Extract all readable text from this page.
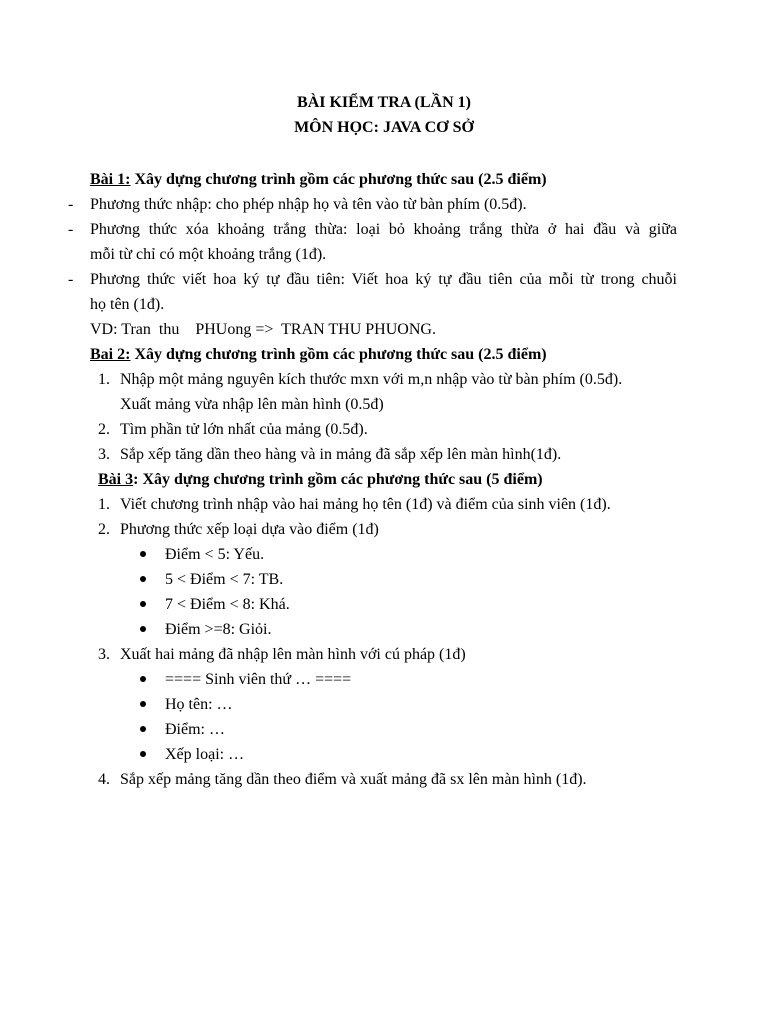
BÀI KIỂM TRA (LẦN 1)
MÔN HỌC: JAVA CƠ SỞ
Bài 1: Xây dựng chương trình gồm các phương thức sau (2.5 điểm)
- Phương thức nhập: cho phép nhập họ và tên vào từ bàn phím (0.5đ).
- Phương thức xóa khoảng trắng thừa: loại bỏ khoảng trắng thừa ở hai đầu và giữa
mỗi từ chỉ có một khoảng trắng (1đ).
- Phương thức viết hoa ký tự đầu tiên: Viết hoa ký tự đầu tiên của mỗi từ trong chuỗi
họ tên (1đ).
VD: Tran  thu    PHUong =>  TRAN THU PHUONG.
Bai 2: Xây dựng chương trình gồm các phương thức sau (2.5 điểm)
1. Nhập một mảng nguyên kích thước mxn với m,n nhập vào từ bàn phím (0.5đ).
Xuất mảng vừa nhập lên màn hình (0.5đ)
2. Tìm phần tử lớn nhất của mảng (0.5đ).
3. Sắp xếp tăng dần theo hàng và in mảng đã sắp xếp lên màn hình(1đ).
Bài 3: Xây dựng chương trình gồm các phương thức sau (5 điểm)
1. Viết chương trình nhập vào hai mảng họ tên (1đ) và điểm của sinh viên (1đ).
2. Phương thức xếp loại dựa vào điểm (1đ)
Điểm < 5: Yếu.
5 < Điểm < 7: TB.
7 < Điểm < 8: Khá.
Điểm >=8: Giỏi.
3. Xuất hai mảng đã nhập lên màn hình với cú pháp (1đ)
==== Sinh viên thứ … ====
Họ tên: …
Điểm: …
Xếp loại: …
4. Sắp xếp mảng tăng dần theo điểm và xuất mảng đã sx lên màn hình (1đ).
